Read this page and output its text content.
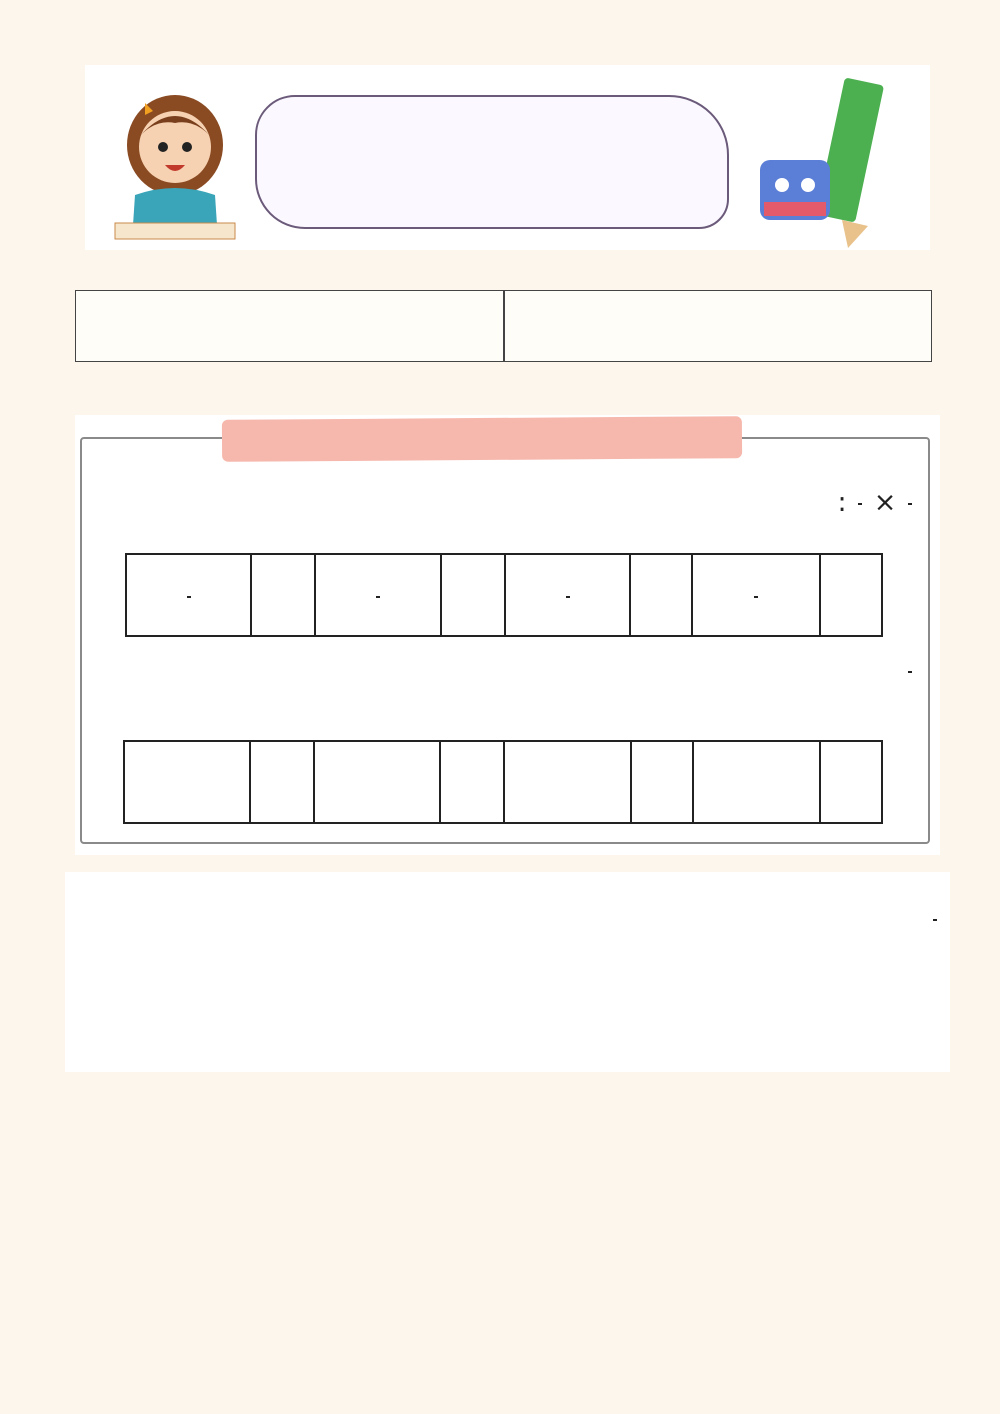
×
:
